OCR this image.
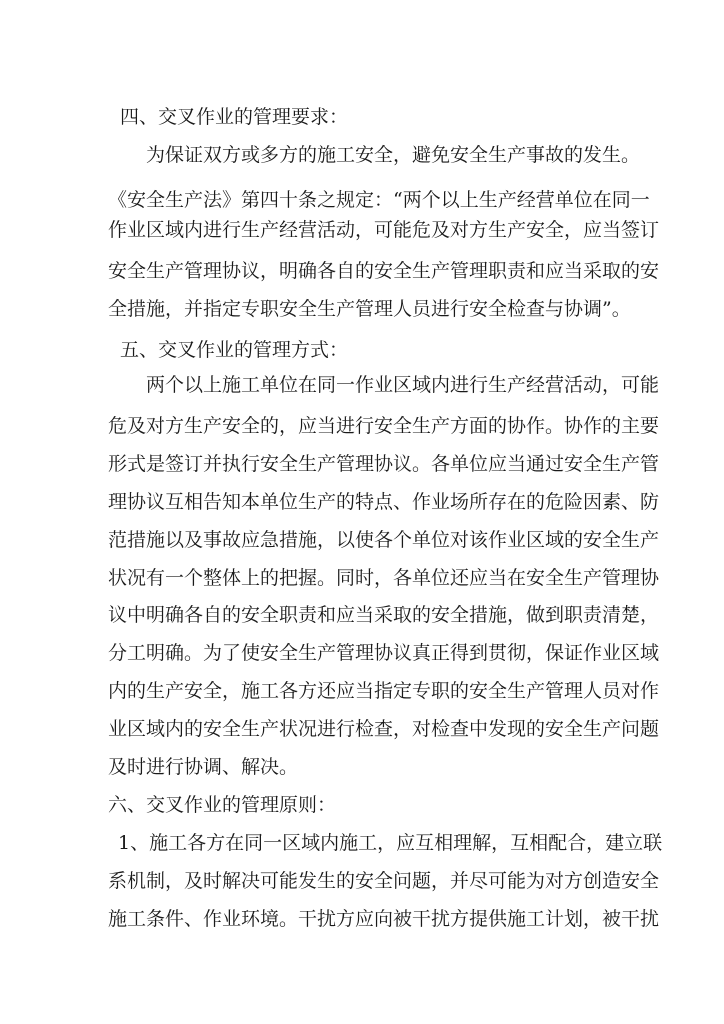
四、交叉作业的管理要求：
为保证双方或多方的施工安全，避免安全生产事故的发生。
《安全生产法》第四十条之规定：“两个以上生产经营单位在同一
作业区域内进行生产经营活动，可能危及对方生产安全，应当签订
安全生产管理协议，明确各自的安全生产管理职责和应当采取的安
全措施，并指定专职安全生产管理人员进行安全检查与协调”。
五、交叉作业的管理方式：
两个以上施工单位在同一作业区域内进行生产经营活动，可能
危及对方生产安全的，应当进行安全生产方面的协作。协作的主要
形式是签订并执行安全生产管理协议。各单位应当通过安全生产管
理协议互相告知本单位生产的特点、作业场所存在的危险因素、防
范措施以及事故应急措施，以使各个单位对该作业区域的安全生产
状况有一个整体上的把握。同时，各单位还应当在安全生产管理协
议中明确各自的安全职责和应当采取的安全措施，做到职责清楚，
分工明确。为了使安全生产管理协议真正得到贯彻，保证作业区域
内的生产安全，施工各方还应当指定专职的安全生产管理人员对作
业区域内的安全生产状况进行检查，对检查中发现的安全生产问题
及时进行协调、解决。
六、交叉作业的管理原则：
1、施工各方在同一区域内施工，应互相理解，互相配合，建立联
系机制，及时解决可能发生的安全问题，并尽可能为对方创造安全
施工条件、作业环境。干扰方应向被干扰方提供施工计划，被干扰
